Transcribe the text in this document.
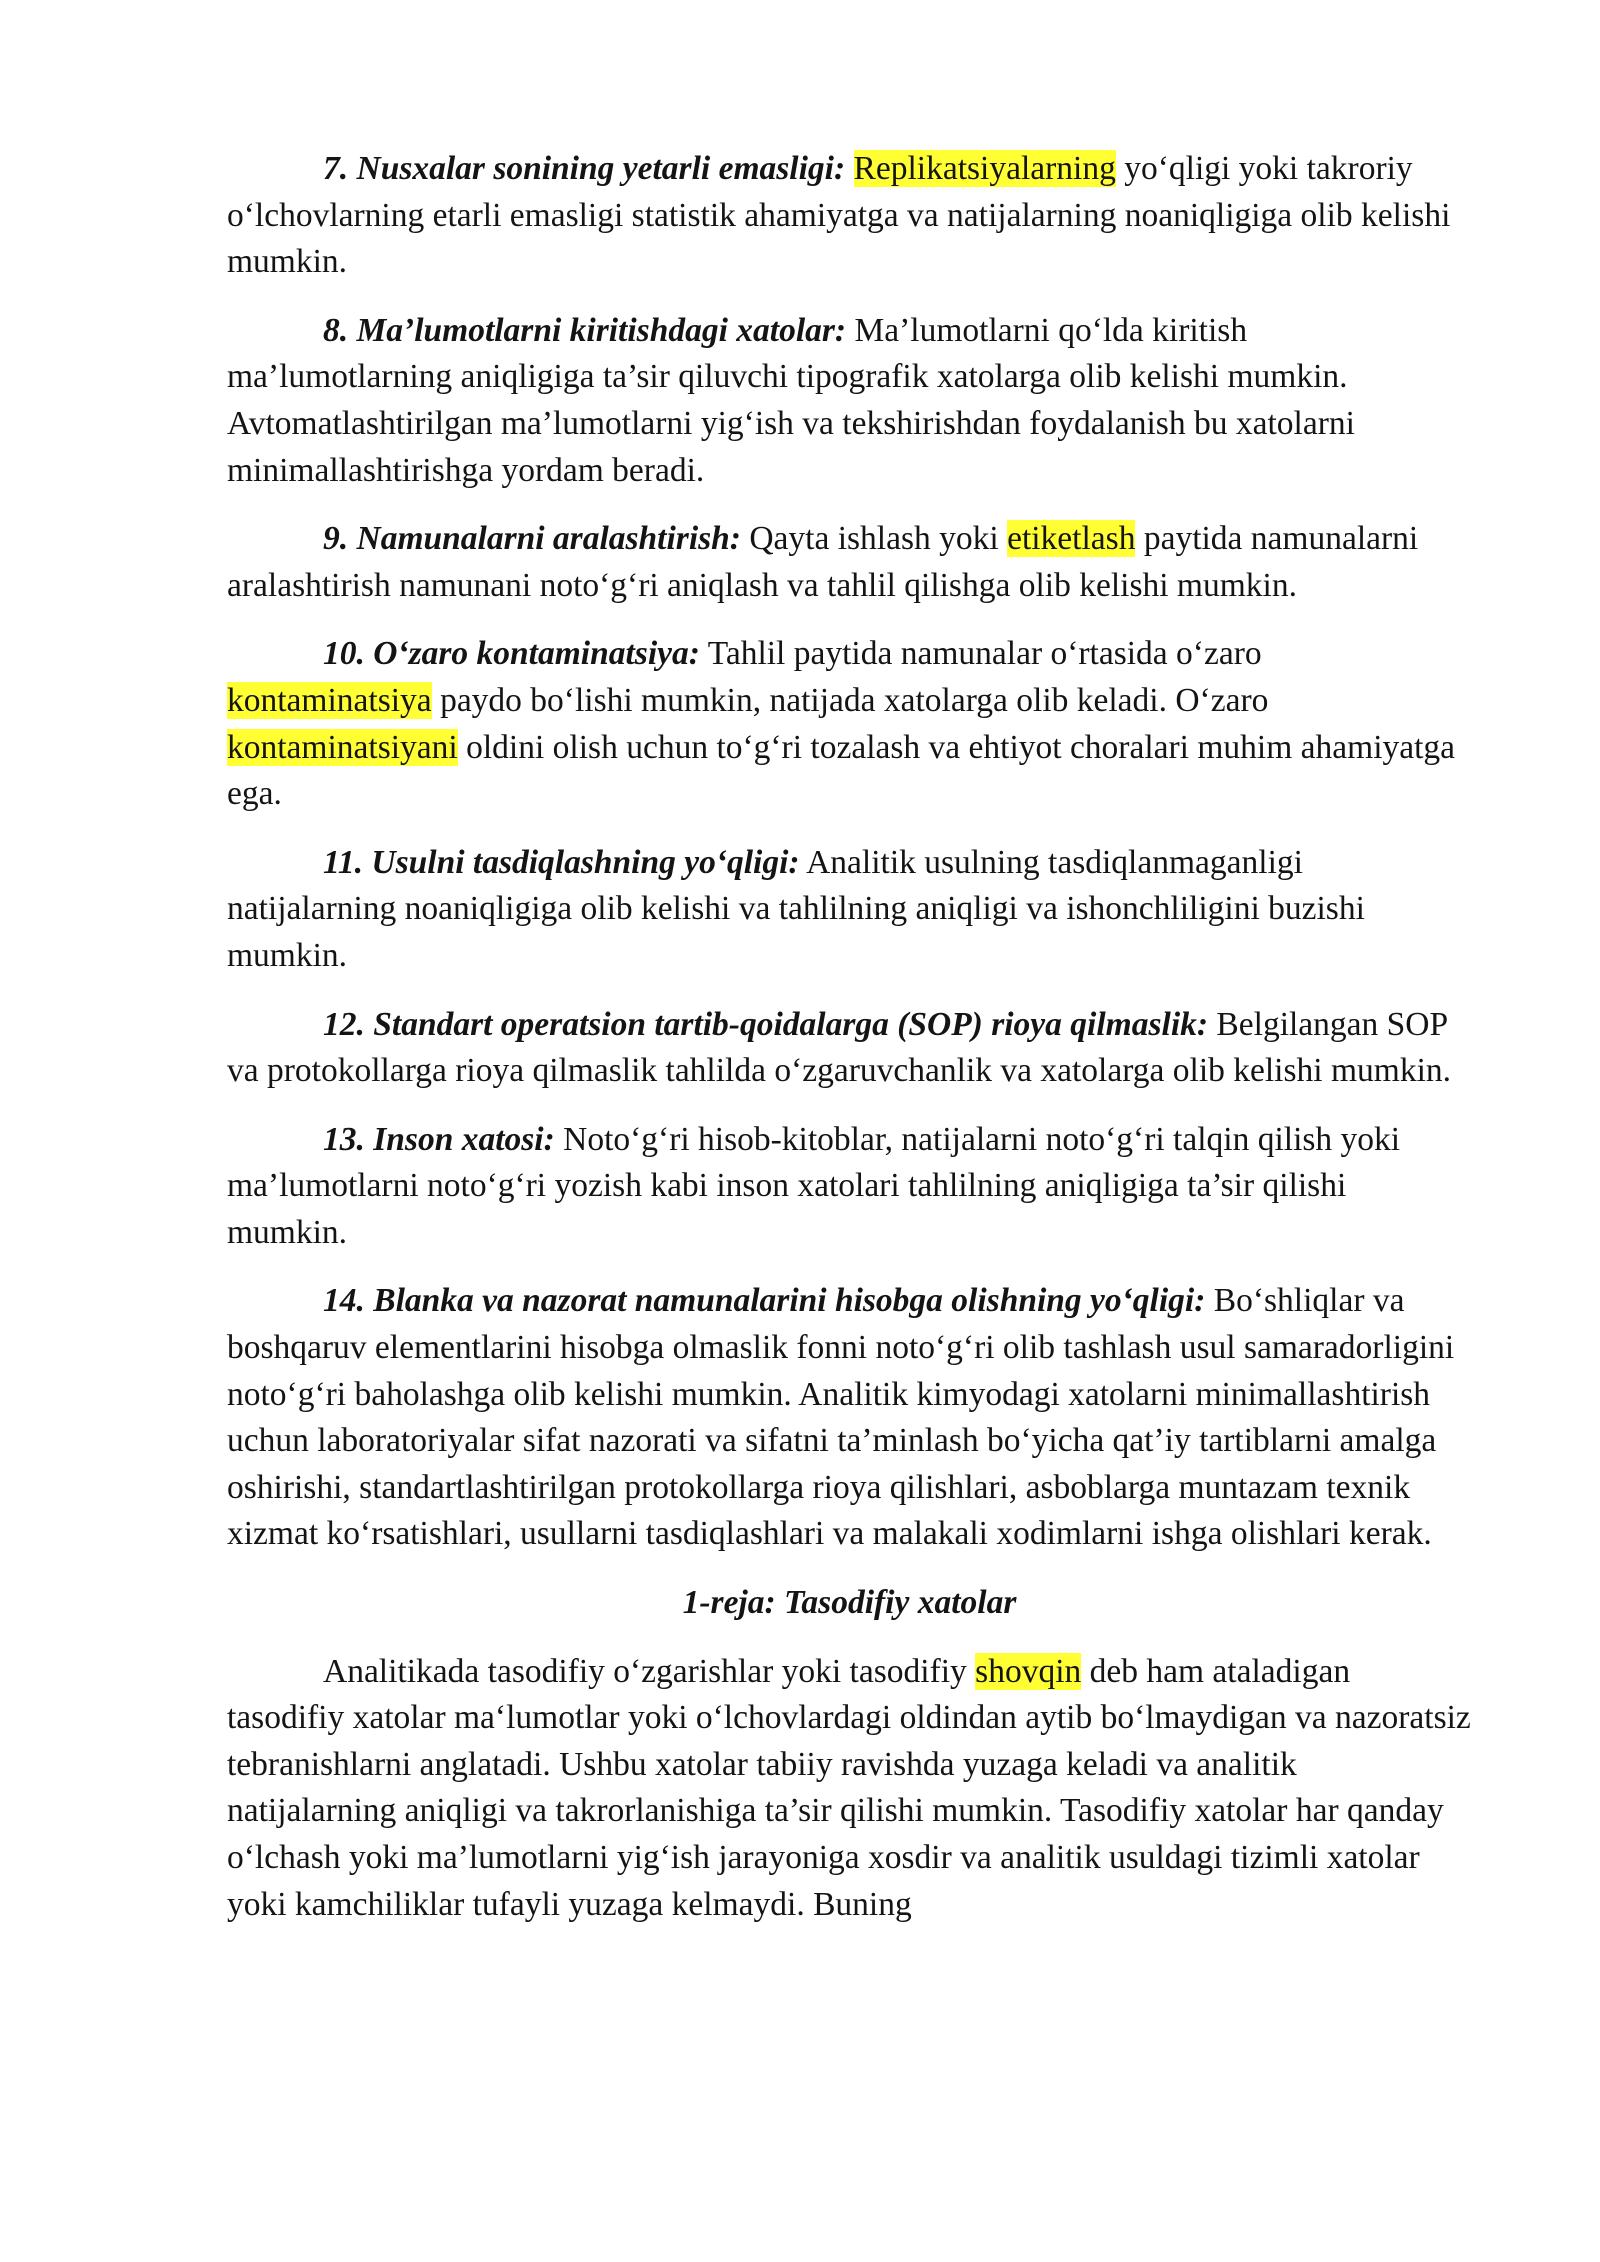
7. Nusxalar sonining yetarli emasligi: Replikatsiyalarning yo‘qligi yoki takroriy o‘lchovlarning etarli emasligi statistik ahamiyatga va natijalarning noaniqligiga olib kelishi mumkin.

8. Ma’lumotlarni kiritishdagi xatolar: Ma’lumotlarni qo‘lda kiritish ma’lumotlarning aniqligiga ta’sir qiluvchi tipografik xatolarga olib kelishi mumkin. Avtomatlashtirilgan ma’lumotlarni yig‘ish va tekshirishdan foydalanish bu xatolarni minimallashtirishga yordam beradi.

9. Namunalarni aralashtirish: Qayta ishlash yoki etiketlash paytida namunalarni aralashtirish namunani noto‘g‘ri aniqlash va tahlil qilishga olib kelishi mumkin.

10. O‘zaro kontaminatsiya: Tahlil paytida namunalar o‘rtasida o‘zaro kontaminatsiya paydo bo‘lishi mumkin, natijada xatolarga olib keladi. O‘zaro kontaminatsiyani oldini olish uchun to‘g‘ri tozalash va ehtiyot choralari muhim ahamiyatga ega.

11. Usulni tasdiqlashning yo‘qligi: Analitik usulning tasdiqlanmaganligi natijalarning noaniqligiga olib kelishi va tahlilning aniqligi va ishonchliligini buzishi mumkin.

12. Standart operatsion tartib-qoidalarga (SOP) rioya qilmaslik: Belgilangan SOP va protokollarga rioya qilmaslik tahlilda o‘zgaruvchanlik va xatolarga olib kelishi mumkin.

13. Inson xatosi: Noto‘g‘ri hisob-kitoblar, natijalarni noto‘g‘ri talqin qilish yoki ma’lumotlarni noto‘g‘ri yozish kabi inson xatolari tahlilning aniqligiga ta’sir qilishi mumkin.

14. Blanka va nazorat namunalarini hisobga olishning yo‘qligi: Bo‘shliqlar va boshqaruv elementlarini hisobga olmaslik fonni noto‘g‘ri olib tashlash usul samaradorligini noto‘g‘ri baholashga olib kelishi mumkin. Analitik kimyodagi xatolarni minimallashtirish uchun laboratoriyalar sifat nazorati va sifatni ta’minlash bo‘yicha qat’iy tartiblarni amalga oshirishi, standartlashtirilgan protokollarga rioya qilishlari, asboblarga muntazam texnik xizmat ko‘rsatishlari, usullarni tasdiqlashlari va malakali xodimlarni ishga olishlari kerak.

1-reja: Tasodifiy xatolar

Analitikada tasodifiy o‘zgarishlar yoki tasodifiy shovqin deb ham ataladigan tasodifiy xatolar ma‘lumotlar yoki o‘lchovlardagi oldindan aytib bo‘lmaydigan va nazoratsiz tebranishlarni anglatadi. Ushbu xatolar tabiiy ravishda yuzaga keladi va analitik natijalarning aniqligi va takrorlanishiga ta’sir qilishi mumkin. Tasodifiy xatolar har qanday o‘lchash yoki ma’lumotlarni yig‘ish jarayoniga xosdir va analitik usuldagi tizimli xatolar yoki kamchiliklar tufayli yuzaga kelmaydi. Buning
